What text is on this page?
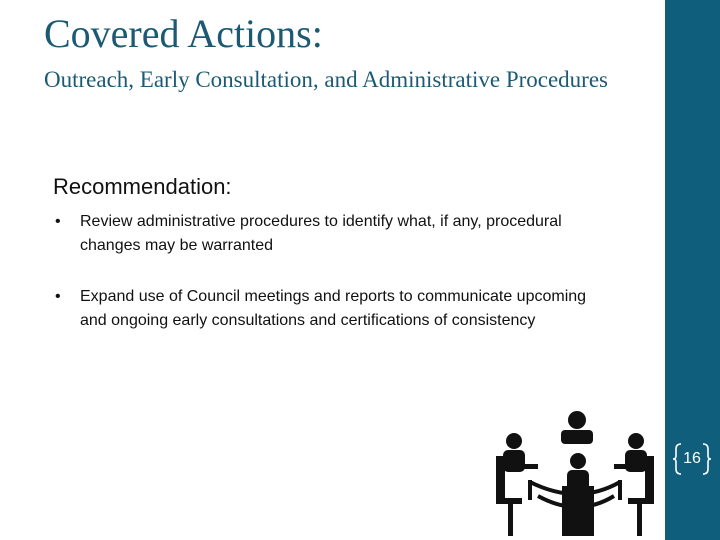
Covered Actions:
Outreach, Early Consultation, and Administrative Procedures
Recommendation:
• Review administrative procedures to identify what, if any, procedural changes may be warranted
• Expand use of Council meetings and reports to communicate upcoming and ongoing early consultations and certifications of consistency
16
